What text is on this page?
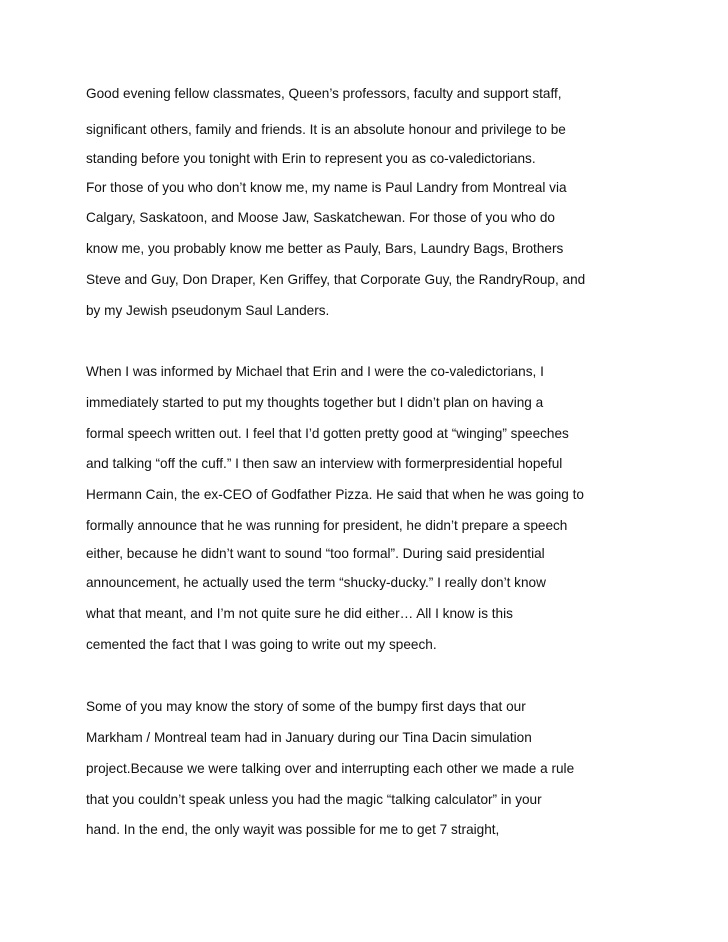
Good evening fellow classmates, Queen’s professors, faculty and support staff,
significant others, family and friends. It is an absolute honour and privilege to be
standing before you tonight with Erin to represent you as co-valedictorians.
For those of you who don’t know me, my name is Paul Landry from Montreal via
Calgary, Saskatoon, and Moose Jaw, Saskatchewan. For those of you who do
know me, you probably know me better as Pauly, Bars, Laundry Bags, Brothers
Steve and Guy, Don Draper, Ken Griffey, that Corporate Guy, the RandryRoup, and
by my Jewish pseudonym Saul Landers.
When I was informed by Michael that Erin and I were the co-valedictorians, I
immediately started to put my thoughts together but I didn’t plan on having a
formal speech written out. I feel that I’d gotten pretty good at “winging” speeches
and talking “off the cuff.” I then saw an interview with formerpresidential hopeful
Hermann Cain, the ex-CEO of Godfather Pizza. He said that when he was going to
formally announce that he was running for president, he didn’t prepare a speech
either, because he didn’t want to sound “too formal”. During said presidential
announcement, he actually used the term “shucky-ducky.” I really don’t know
what that meant, and I’m not quite sure he did either… All I know is this
cemented the fact that I was going to write out my speech.
Some of you may know the story of some of the bumpy first days that our
Markham / Montreal team had in January during our Tina Dacin simulation
project.Because we were talking over and interrupting each other we made a rule
that you couldn’t speak unless you had the magic “talking calculator” in your
hand. In the end, the only wayit was possible for me to get 7 straight,
